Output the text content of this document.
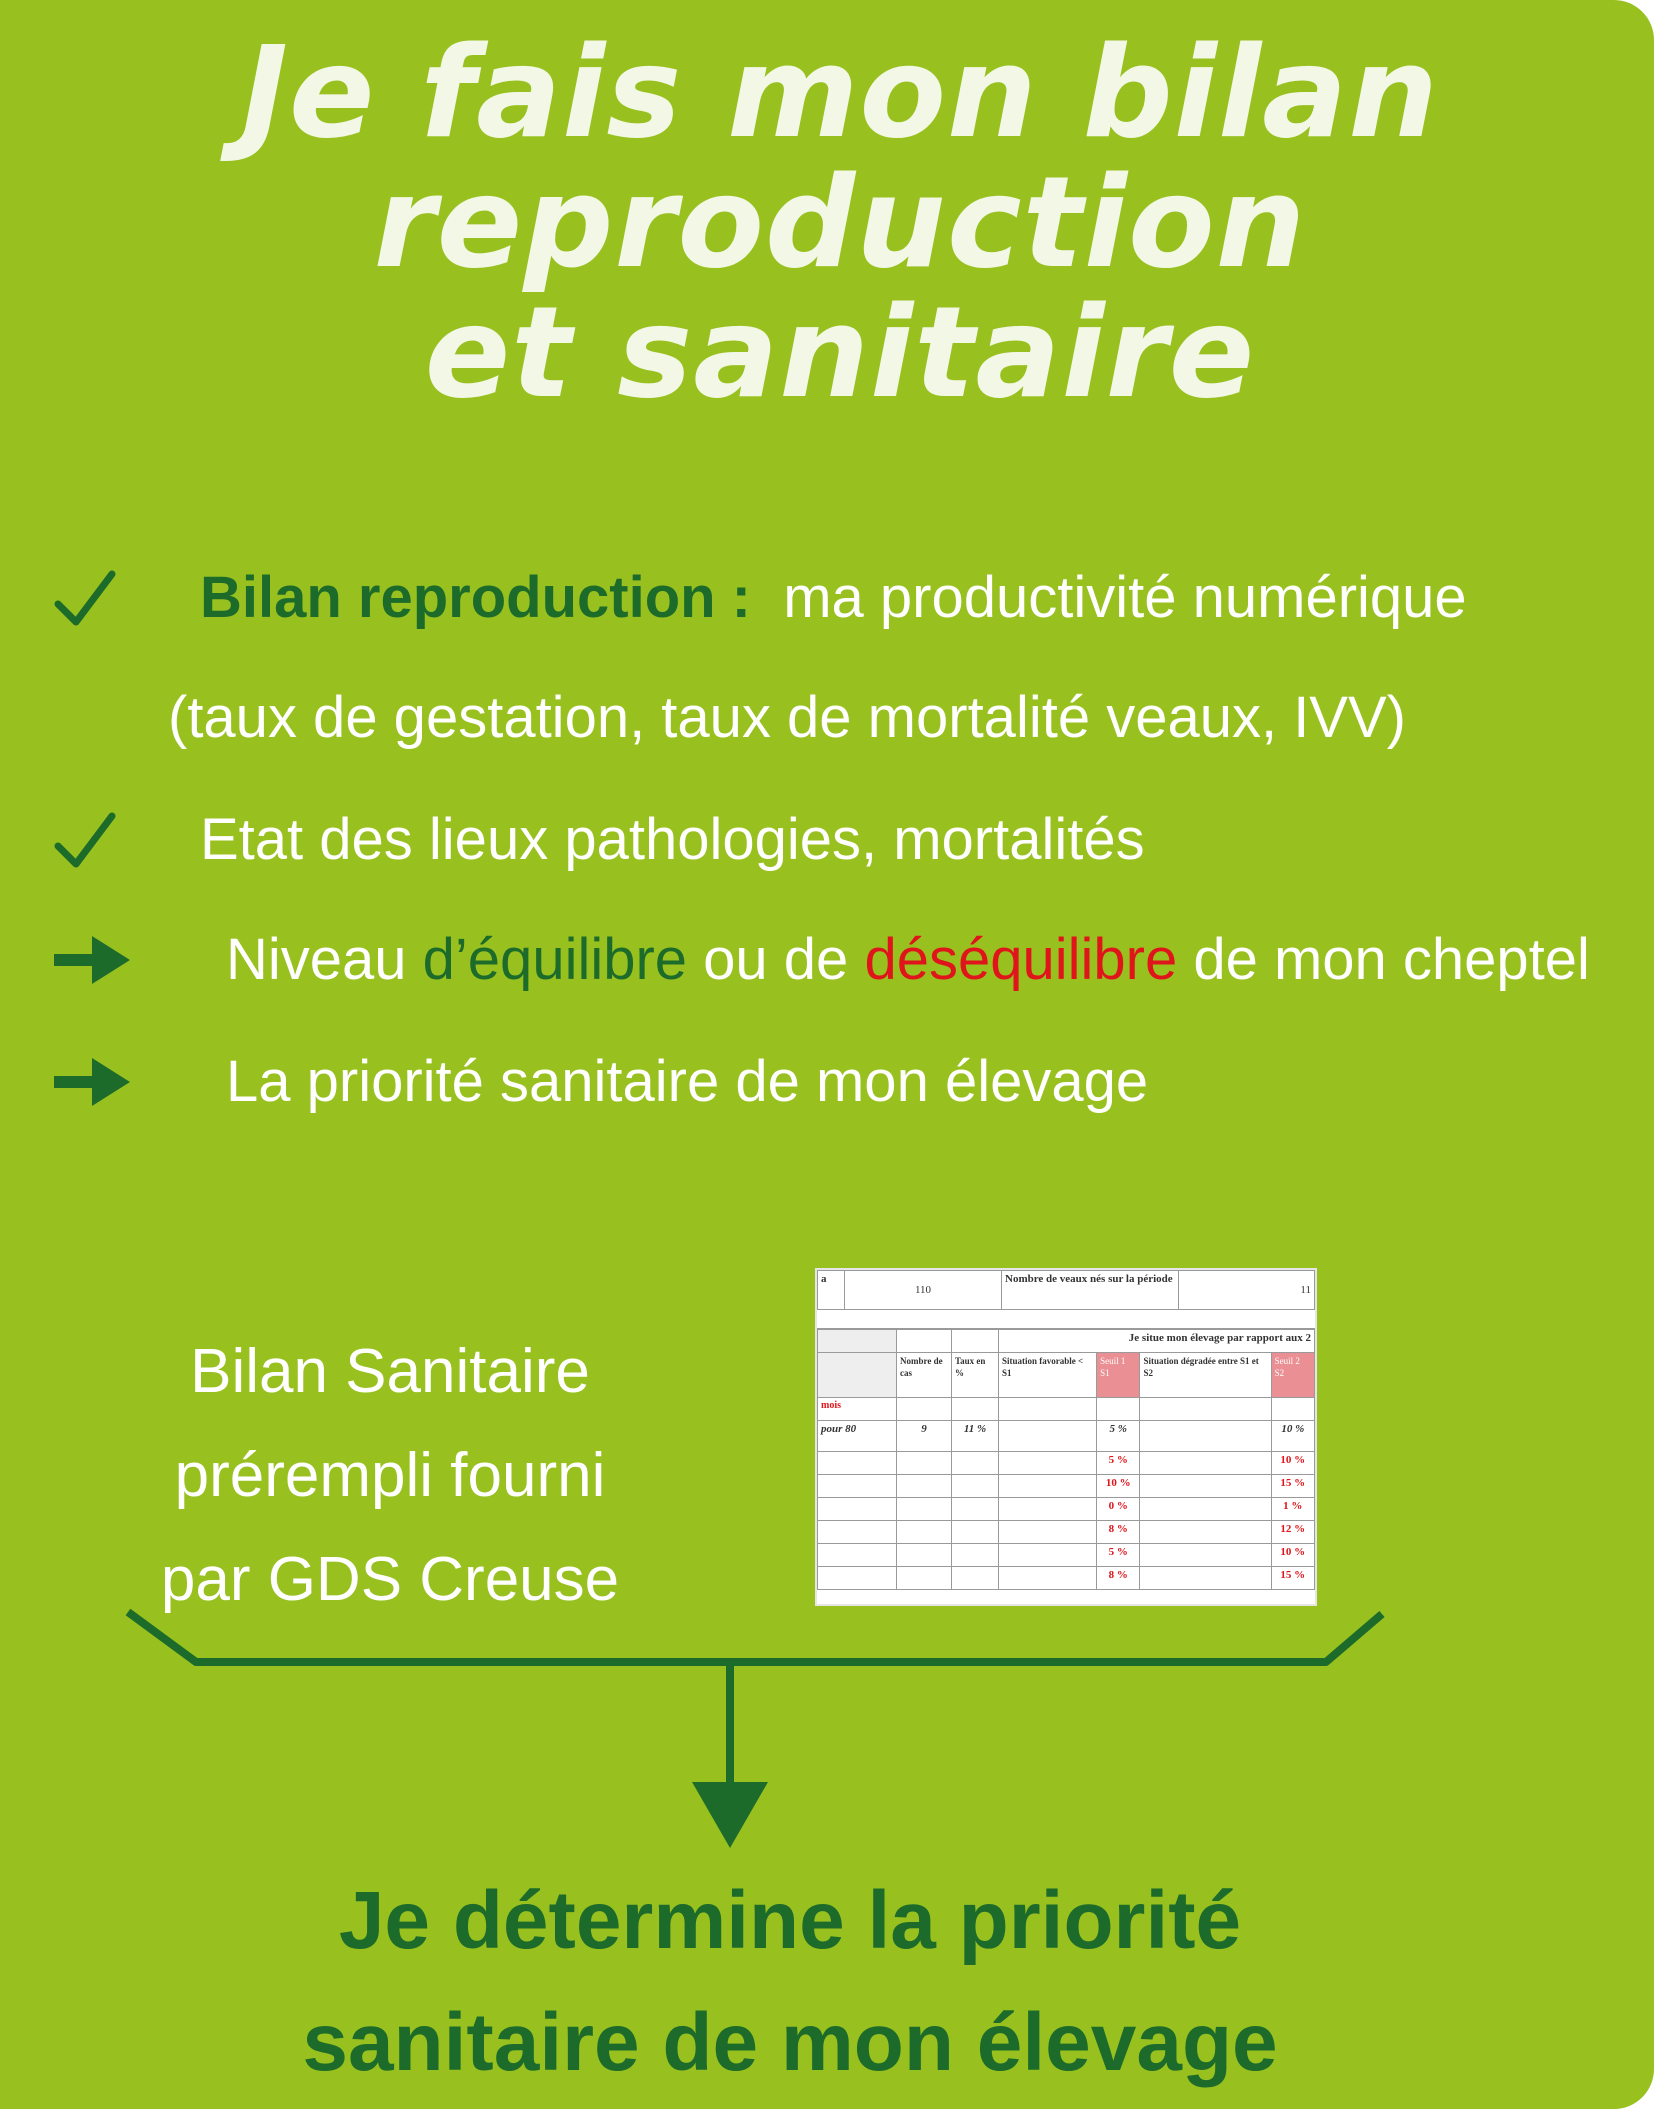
Je fais mon bilan
reproduction
et sanitaire
Bilan reproduction : ma productivité numérique
(taux de gestation, taux de mortalité veaux, IVV)
Etat des lieux pathologies, mortalités
Niveau d’équilibre ou de déséquilibre de mon cheptel
La priorité sanitaire de mon élevage
Bilan Sanitaire
prérempli fourni
par GDS Creuse
a	110	Nombre de veaux nés sur la période	11
			Je situe mon élevage par rapport aux 2			
	Nombre de cas	Taux en %	Situation favorable < S1	Seuil 1 S1	Situation dégradée entre S1 et S2	Seuil 2 S2
mois						
pour 80	9	11 %		5 %		10 %
				5 %		10 %
				10 %		15 %
				0 %		1 %
				8 %		12 %
				5 %		10 %
				8 %		15 %
Je détermine la priorité
sanitaire de mon élevage
